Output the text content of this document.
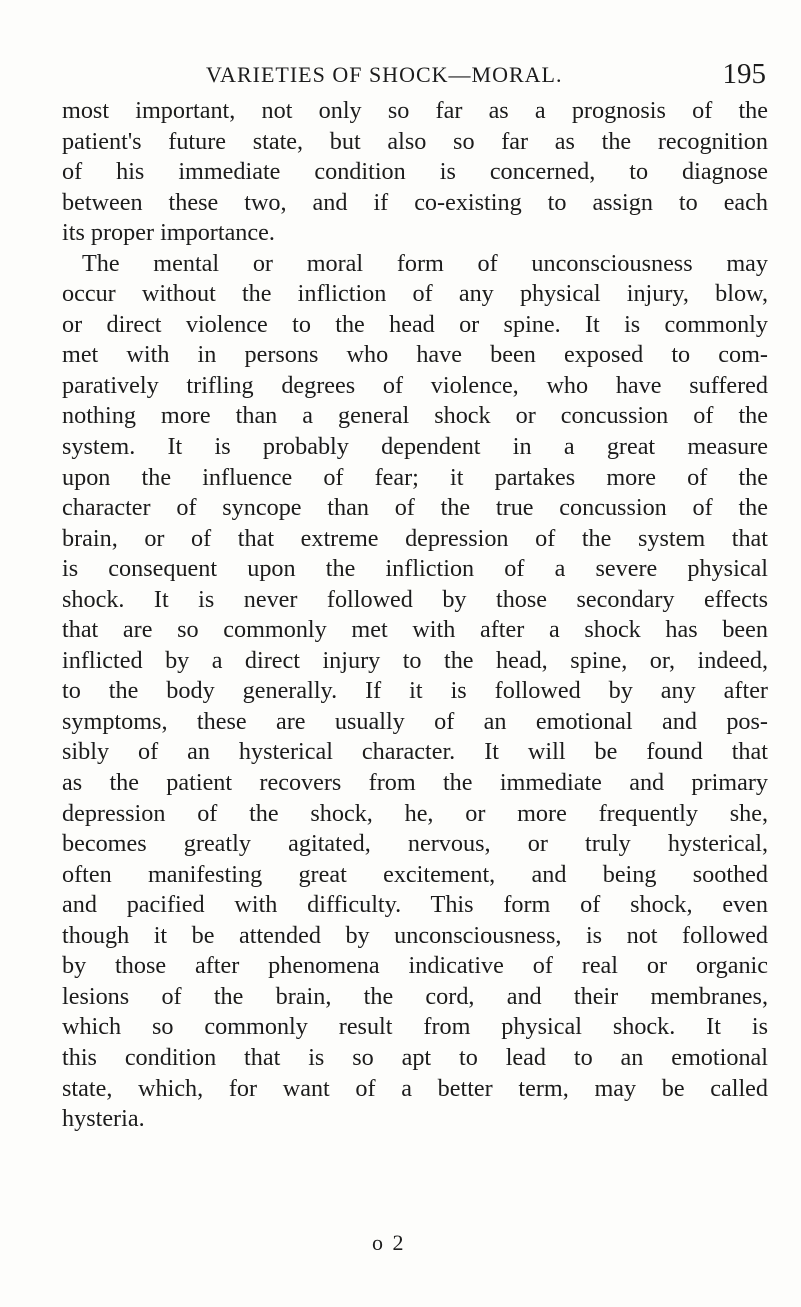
VARIETIES OF SHOCK—MORAL.	195
most important, not only so far as a prognosis of the
patient's future state, but also so far as the recognition
of his immediate condition is concerned, to diagnose
between these two, and if co-existing to assign to each
its proper importance.
The mental or moral form of unconsciousness may
occur without the infliction of any physical injury, blow,
or direct violence to the head or spine. It is commonly
met with in persons who have been exposed to com-
paratively trifling degrees of violence, who have suffered
nothing more than a general shock or concussion of the
system. It is probably dependent in a great measure
upon the influence of fear; it partakes more of the
character of syncope than of the true concussion of the
brain, or of that extreme depression of the system that
is consequent upon the infliction of a severe physical
shock. It is never followed by those secondary effects
that are so commonly met with after a shock has been
inflicted by a direct injury to the head, spine, or, indeed,
to the body generally. If it is followed by any after
symptoms, these are usually of an emotional and pos-
sibly of an hysterical character. It will be found that
as the patient recovers from the immediate and primary
depression of the shock, he, or more frequently she,
becomes greatly agitated, nervous, or truly hysterical,
often manifesting great excitement, and being soothed
and pacified with difficulty. This form of shock, even
though it be attended by unconsciousness, is not followed
by those after phenomena indicative of real or organic
lesions of the brain, the cord, and their membranes,
which so commonly result from physical shock. It is
this condition that is so apt to lead to an emotional
state, which, for want of a better term, may be called
hysteria.
o 2
